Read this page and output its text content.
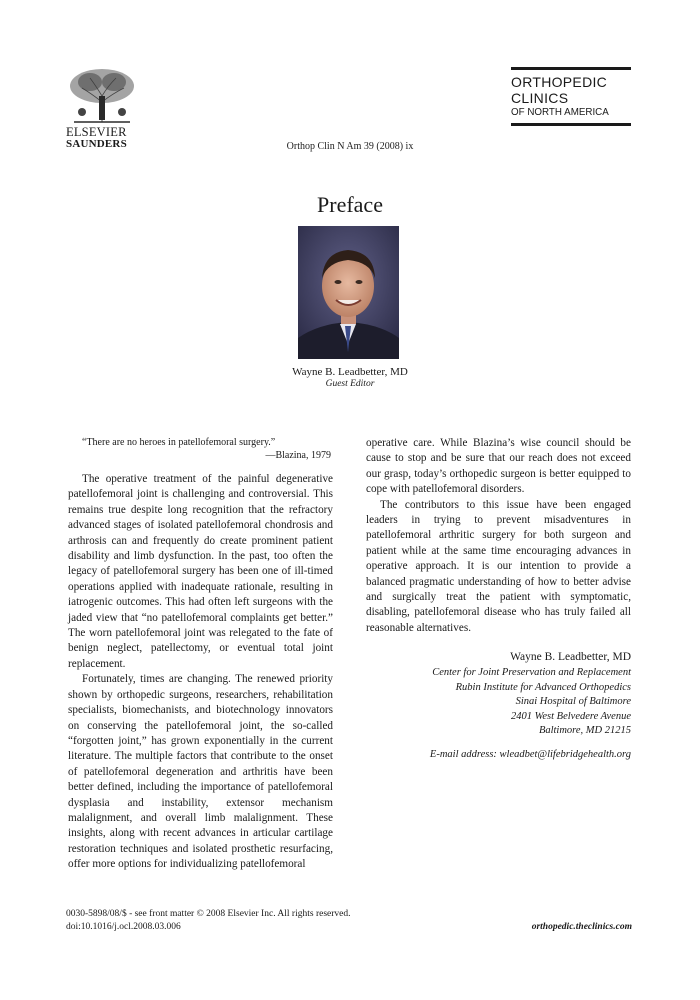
ELSEVIER
SAUNDERS	Orthop Clin N Am 39 (2008) ix
ORTHOPEDIC
CLINICS
OF NORTH AMERICA
Preface
Wayne B. Leadbetter, MD
Guest Editor
“There are no heroes in patellofemoral surgery.”
—Blazina, 1979

The operative treatment of the painful degenerative patellofemoral joint is challenging and controversial. This remains true despite long recognition that the refractory advanced stages of isolated patellofemoral chondrosis and arthrosis can and frequently do create prominent patient disability and limb dysfunction. In the past, too often the legacy of patellofemoral surgery has been one of ill-timed operations applied with inadequate rationale, resulting in iatrogenic outcomes. This had often left surgeons with the jaded view that “no patellofemoral complaints get better.” The worn patellofemoral joint was relegated to the fate of benign neglect, patellectomy, or eventual total joint replacement.

Fortunately, times are changing. The renewed priority shown by orthopedic surgeons, researchers, rehabilitation specialists, biomechanists, and biotechnology innovators on conserving the patellofemoral joint, the so-called “forgotten joint,” has grown exponentially in the current literature. The multiple factors that contribute to the onset of patellofemoral degeneration and arthritis have been better defined, including the importance of patellofemoral dysplasia and instability, extensor mechanism malalignment, and overall limb malalignment. These insights, along with recent advances in articular cartilage restoration techniques and isolated prosthetic resurfacing, offer more options for individualizing patellofemoral

operative care. While Blazina’s wise council should be cause to stop and be sure that our reach does not exceed our grasp, today’s orthopedic surgeon is better equipped to cope with patellofemoral disorders.

The contributors to this issue have been engaged leaders in trying to prevent misadventures in patellofemoral arthritic surgery for both surgeon and patient while at the same time encouraging advances in operative approach. It is our intention to provide a balanced pragmatic understanding of how to better advise and surgically treat the patient with symptomatic, disabling, patellofemoral disease who has truly failed all reasonable alternatives.

Wayne B. Leadbetter, MD
Center for Joint Preservation and Replacement
Rubin Institute for Advanced Orthopedics
Sinai Hospital of Baltimore
2401 West Belvedere Avenue
Baltimore, MD 21215
E-mail address: wleadbet@lifebridgehealth.org
0030-5898/08/$ - see front matter © 2008 Elsevier Inc. All rights reserved.
doi:10.1016/j.ocl.2008.03.006	orthopedic.theclinics.com
